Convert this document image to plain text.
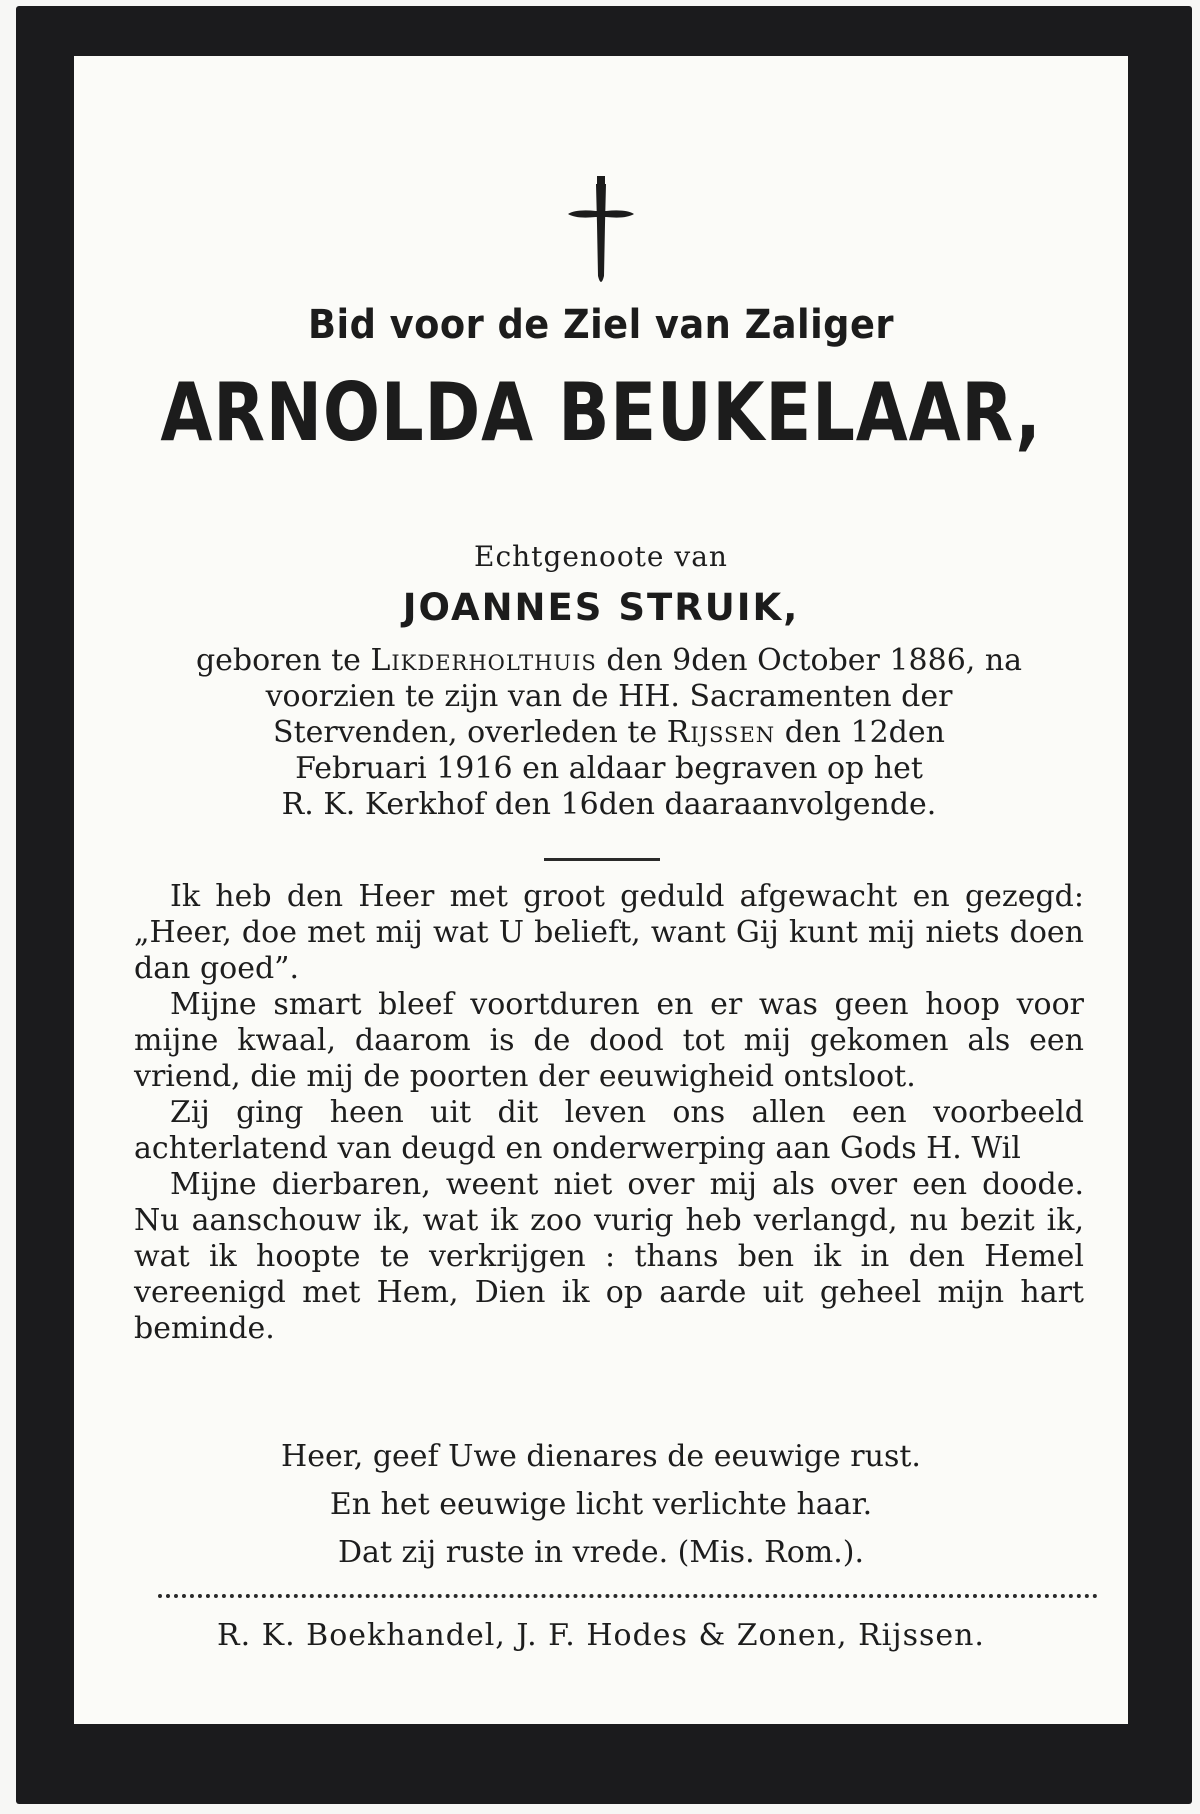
Bid voor de Ziel van Zaliger
ARNOLDA BEUKELAAR,
Echtgenoote van
JOANNES STRUIK,

geboren te Likderholthuis den 9den October 1886, na

voorzien te zijn van de HH. Sacramenten der

Stervenden, overleden te Rijssen den 12den

Februari 1916 en aldaar begraven op het

R. K. Kerkhof den 16den daaraanvolgende.

Ik heb den Heer met groot geduld afgewacht en gezegd: „Heer, doe met mij wat U belieft, want Gij kunt mij niets doen dan goed”.

Mijne smart bleef voortduren en er was geen hoop voor mijne kwaal, daarom is de dood tot mij gekomen als een vriend, die mij de poorten der eeuwigheid ontsloot.

Zij ging heen uit dit leven ons allen een voorbeeld achterlatend van deugd en onderwerping aan Gods H. Wil

Mijne dierbaren, weent niet over mij als over een doode. Nu aanschouw ik, wat ik zoo vurig heb verlangd, nu bezit ik, wat ik hoopte te verkrijgen : thans ben ik in den Hemel vereenigd met Hem, Dien ik op aarde uit geheel mijn hart beminde.

Heer, geef Uwe dienares de eeuwige rust.

En het eeuwige licht verlichte haar.

Dat zij ruste in vrede. (Mis. Rom.).

R. K. Boekhandel, J. F. Hodes & Zonen, Rijssen.
